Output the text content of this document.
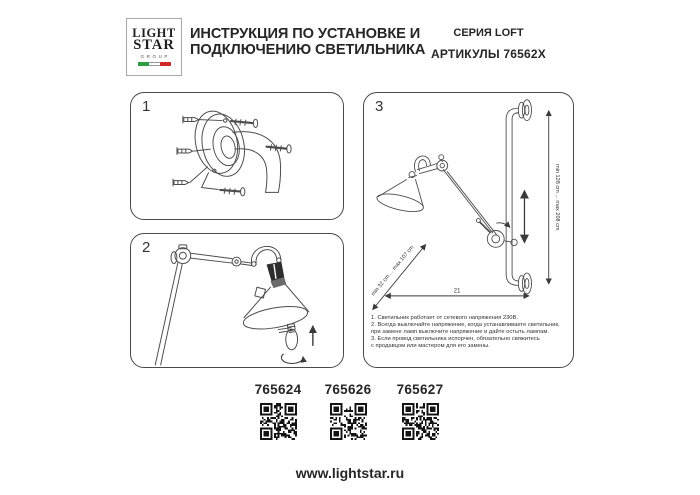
LIGHT
STAR
GROUP
ИНСТРУКЦИЯ ПО УСТАНОВКЕ И
ПОДКЛЮЧЕНИЮ СВЕТИЛЬНИКА
СЕРИЯ LOFT
АРТИКУЛЫ 76562X
1
2
3
min 128 cm ... max 208 cm
min 32 cm ... max 107 cm	21
1. Светильник работает от сетевого напряжения 230В.
2. Всегда выключайте напряжение, когда устанавливаете светильник,
при замене ламп выключите напряжение и дайте остыть лампам.
3. Если провод светильника испорчен, обязательно свяжитесь
с продавцом или мастером для его замены.
765624	765626	765627
www.lightstar.ru
